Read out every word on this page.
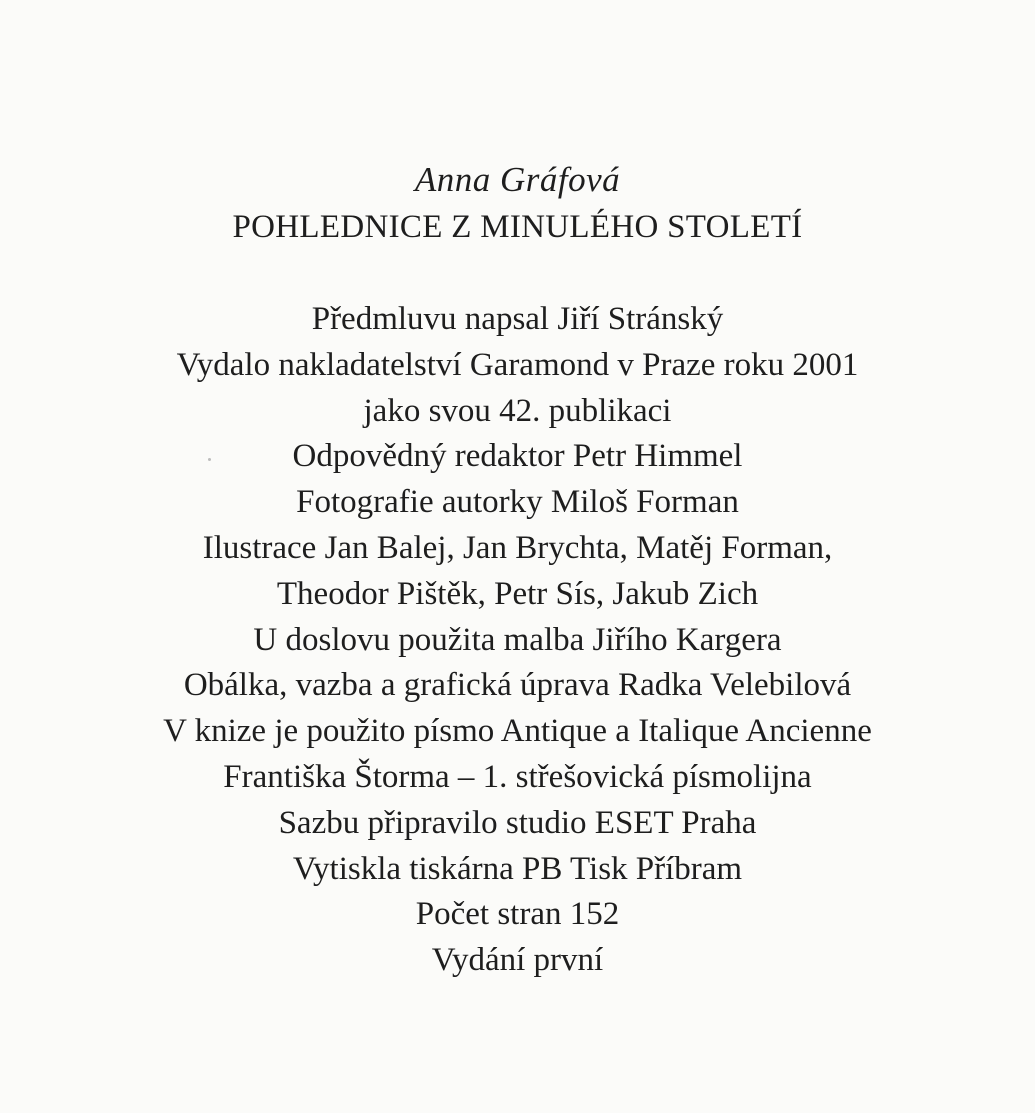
Anna Gráfová
POHLEDNICE Z MINULÉHO STOLETÍ
Předmluvu napsal Jiří Stránský
Vydalo nakladatelství Garamond v Praze roku 2001
jako svou 42. publikaci
Odpovědný redaktor Petr Himmel
Fotografie autorky Miloš Forman
Ilustrace Jan Balej, Jan Brychta, Matěj Forman,
Theodor Pištěk, Petr Sís, Jakub Zich
U doslovu použita malba Jiřího Kargera
Obálka, vazba a grafická úprava Radka Velebilová
V knize je použito písmo Antique a Italique Ancienne
Františka Štorma – 1. střešovická písmolijna
Sazbu připravilo studio ESET Praha
Vytiskla tiskárna PB Tisk Příbram
Počet stran 152
Vydání první
